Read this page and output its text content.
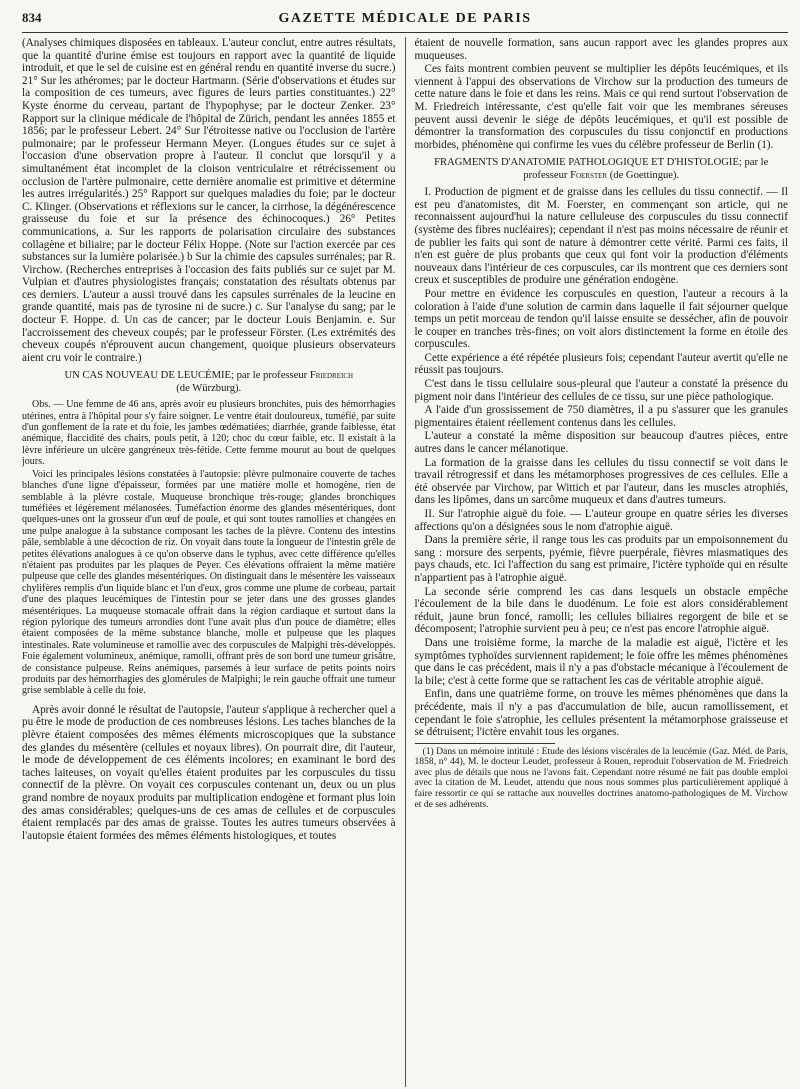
834	GAZETTE MÉDICALE DE PARIS

(Analyses chimiques disposées en tableaux. L'auteur conclut, entre autres résultats, que la quantité d'urine émise est toujours en rapport avec la quantité de liquide introduit, et que le sel de cuisine est en général rendu en quantité inverse du sucre.) 21° Sur les athéromes; par le docteur Hartmann. (Série d'observations et études sur la composition de ces tumeurs, avec figures de leurs parties constituantes.) 22° Kyste énorme du cerveau, partant de l'hypophyse; par le docteur Zenker. 23° Rapport sur la clinique médicale de l'hôpital de Zürich, pendant les années 1855 et 1856; par le professeur Lebert. 24° Sur l'étroitesse native ou l'occlusion de l'artère pulmonaire; par le professeur Hermann Meyer. (Longues études sur ce sujet à l'occasion d'une observation propre à l'auteur. Il conclut que lorsqu'il y a simultanément état incomplet de la cloison ventriculaire et rétrécissement ou occlusion de l'artère pulmonaire, cette dernière anomalie est primitive et détermine les autres irrégularités.) 25° Rapport sur quelques maladies du foie; par le docteur C. Klinger. (Observations et réflexions sur le cancer, la cirrhose, la dégénérescence graisseuse du foie et sur la présence des échinocoques.) 26° Petites communications, a. Sur les rapports de polarisation circulaire des substances collagène et biliaire; par le docteur Félix Hoppe. (Note sur l'action exercée par ces substances sur la lumière polarisée.) b Sur la chimie des capsules surrénales; par R. Virchow. (Recherches entreprises à l'occasion des faits publiés sur ce sujet par M. Vulpian et d'autres physiologistes français; constatation des résultats obtenus par ces derniers. L'auteur a aussi trouvé dans les capsules surrénales de la leucine en grande quantité, mais pas de tyrosine ni de sucre.) c. Sur l'analyse du sang; par le docteur F. Hoppe. d. Un cas de cancer; par le docteur Louis Benjamin. e. Sur l'accroissement des cheveux coupés; par le professeur Förster. (Les extrémités des cheveux coupés n'éprouvent aucun changement, quoique plusieurs observateurs aient cru voir le contraire.)

UN CAS NOUVEAU DE LEUCÉMIE; par le professeur Friedreich
(de Würzburg).

Obs. — Une femme de 46 ans, après avoir eu plusieurs bronchites, puis des hémorrhagies utérines, entra à l'hôpital pour s'y faire soigner. Le ventre était douloureux, tuméfié, par suite d'un gonflement de la rate et du foie, les jambes œdématiées; diarrhée, grande faiblesse, état anémique, flaccidité des chairs, pouls petit, à 120; choc du cœur faible, etc. Il existait à la lèvre inférieure un ulcère gangréneux très-fétide. Cette femme mourut au bout de quelques jours.

Voici les principales lésions constatées à l'autopsie: plèvre pulmonaire couverte de taches blanches d'une ligne d'épaisseur, formées par une matière molle et homogène, rien de semblable à la plèvre costale. Muqueuse bronchique très-rouge; glandes bronchiques tuméfiées et légèrement mélanosées. Tuméfaction énorme des glandes mésentériques, dont quelques-unes ont la grosseur d'un œuf de poule, et qui sont toutes ramollies et changées en une pulpe analogue à la substance composant les taches de la plèvre. Contenu des intestins pâle, semblable à une décoction de riz. On voyait dans toute la longueur de l'intestin grêle de petites élévations analogues à ce qu'on observe dans le typhus, avec cette différence qu'elles n'étaient pas produites par les plaques de Peyer. Ces élévations offraient la même matière pulpeuse que celle des glandes mésentériques. On distinguait dans le mésentère les vaisseaux chylifères remplis d'un liquide blanc et l'un d'eux, gros comme une plume de corbeau, partait d'une des plaques leucémiques de l'intestin pour se jeter dans une des grosses glandes mésentériques. La muqueuse stomacale offrait dans la région cardiaque et surtout dans la région pylorique des tumeurs arrondies dont l'une avait plus d'un pouce de diamètre; elles étaient composées de la même substance blanche, molle et pulpeuse que les plaques intestinales. Rate volumineuse et ramollie avec des corpuscules de Malpighi très-développés. Foie également volumineux, anémique, ramolli, offrant près de son bord une tumeur grisâtre, de consistance pulpeuse. Reins anémiques, parsemés à leur surface de petits points noirs produits par des hémorrhagies des glomérules de Malpighi; le rein gauche offrait une tumeur grise semblable à celle du foie.

Après avoir donné le résultat de l'autopsie, l'auteur s'applique à rechercher quel a pu être le mode de production de ces nombreuses lésions. Les taches blanches de la plèvre étaient composées des mêmes éléments microscopiques que la substance des glandes du mésentère (cellules et noyaux libres). On pourrait dire, dit l'auteur, le mode de développement de ces éléments incolores; en examinant le bord des taches laiteuses, on voyait qu'elles étaient produites par les corpuscules du tissu connectif de la plèvre. On voyait ces corpuscules contenant un, deux ou un plus grand nombre de noyaux produits par multiplication endogène et formant plus loin des amas considérables; quelques-uns de ces amas de cellules et de corpuscules étaient remplacés par des amas de graisse. Toutes les autres tumeurs observées à l'autopsie étaient formées des mêmes éléments histologiques, et toutes

étaient de nouvelle formation, sans aucun rapport avec les glandes propres aux muqueuses.

Ces faits montrent combien peuvent se multiplier les dépôts leucémiques, et ils viennent à l'appui des observations de Virchow sur la production des tumeurs de cette nature dans le foie et dans les reins. Mais ce qui rend surtout l'observation de M. Friedreich intéressante, c'est qu'elle fait voir que les membranes séreuses peuvent aussi devenir le siége de dépôts leucémiques, et qu'il est possible de démontrer la transformation des corpuscules du tissu conjonctif en productions morbides, phénomène qui confirme les vues du célèbre professeur de Berlin (1).

FRAGMENTS D'ANATOMIE PATHOLOGIQUE ET D'HISTOLOGIE; par le professeur Foerster (de Goettingue).

I. Production de pigment et de graisse dans les cellules du tissu connectif. — Il est peu d'anatomistes, dit M. Foerster, en commençant son article, qui ne reconnaissent aujourd'hui la nature celluleuse des corpuscules du tissu connectif (système des fibres nucléaires); cependant il n'est pas moins nécessaire de réunir et de publier les faits qui sont de nature à démontrer cette vérité. Parmi ces faits, il n'en est guère de plus probants que ceux qui font voir la production d'éléments nouveaux dans l'intérieur de ces corpuscules, car ils montrent que ces derniers sont creux et susceptibles de produire une génération endogène.

Pour mettre en évidence les corpuscules en question, l'auteur a recours à la coloration à l'aide d'une solution de carmin dans laquelle il fait séjourner quelque temps un petit morceau de tendon qu'il laisse ensuite se dessécher, afin de pouvoir le couper en tranches très-fines; on voit alors distinctement la forme en étoile des corpuscules.

Cette expérience a été répétée plusieurs fois; cependant l'auteur avertit qu'elle ne réussit pas toujours.

C'est dans le tissu cellulaire sous-pleural que l'auteur a constaté la présence du pigment noir dans l'intérieur des cellules de ce tissu, sur une pièce pathologique.

A l'aide d'un grossissement de 750 diamètres, il a pu s'assurer que les granules pigmentaires étaient réellement contenus dans les cellules.

L'auteur a constaté la même disposition sur beaucoup d'autres pièces, entre autres dans le cancer mélanotique.

La formation de la graisse dans les cellules du tissu connectif se voit dans le travail rétrogressif et dans les métamorphoses progressives de ces cellules. Elle a été observée par Virchow, par Wittich et par l'auteur, dans les muscles atrophiés, dans les lipômes, dans un sarcôme muqueux et dans d'autres tumeurs.

II. Sur l'atrophie aiguë du foie. — L'auteur groupe en quatre séries les diverses affections qu'on a désignées sous le nom d'atrophie aiguë.

Dans la première série, il range tous les cas produits par un empoisonnement du sang : morsure des serpents, pyémie, fièvre puerpérale, fièvres miasmatiques des pays chauds, etc. Ici l'affection du sang est primaire, l'ictère typhoïde qui en résulte n'appartient pas à l'atrophie aiguë.

La seconde série comprend les cas dans lesquels un obstacle empêche l'écoulement de la bile dans le duodénum. Le foie est alors considérablement réduit, jaune brun foncé, ramolli; les cellules biliaires regorgent de bile et se décomposent; l'atrophie survient peu à peu; ce n'est pas encore l'atrophie aiguë.

Dans une troisième forme, la marche de la maladie est aiguë, l'ictère et les symptômes typhoïdes surviennent rapidement; le foie offre les mêmes phénomènes que dans le cas précédent, mais il n'y a pas d'obstacle mécanique à l'écoulement de la bile; c'est à cette forme que se rattachent les cas de véritable atrophie aiguë.

Enfin, dans une quatrième forme, on trouve les mêmes phénomènes que dans la précédente, mais il n'y a pas d'accumulation de bile, aucun ramollissement, et cependant le foie s'atrophie, les cellules présentent la métamorphose graisseuse et se détruisent; l'ictère envahit tous les organes.

(1) Dans un mémoire intitulé : Etude des lésions viscérales de la leucémie (Gaz. Méd. de Paris, 1858, n° 44), M. le docteur Leudet, professeur à Rouen, reproduit l'observation de M. Friedreich avec plus de détails que nous ne l'avons fait. Cependant notre résumé ne fait pas double emploi avec la citation de M. Leudet, attendu que nous nous sommes plus particulièrement appliqué à faire ressortir ce qui se rattache aux nouvelles doctrines anatomo-pathologiques de M. Virchow et de ses adhérents.
